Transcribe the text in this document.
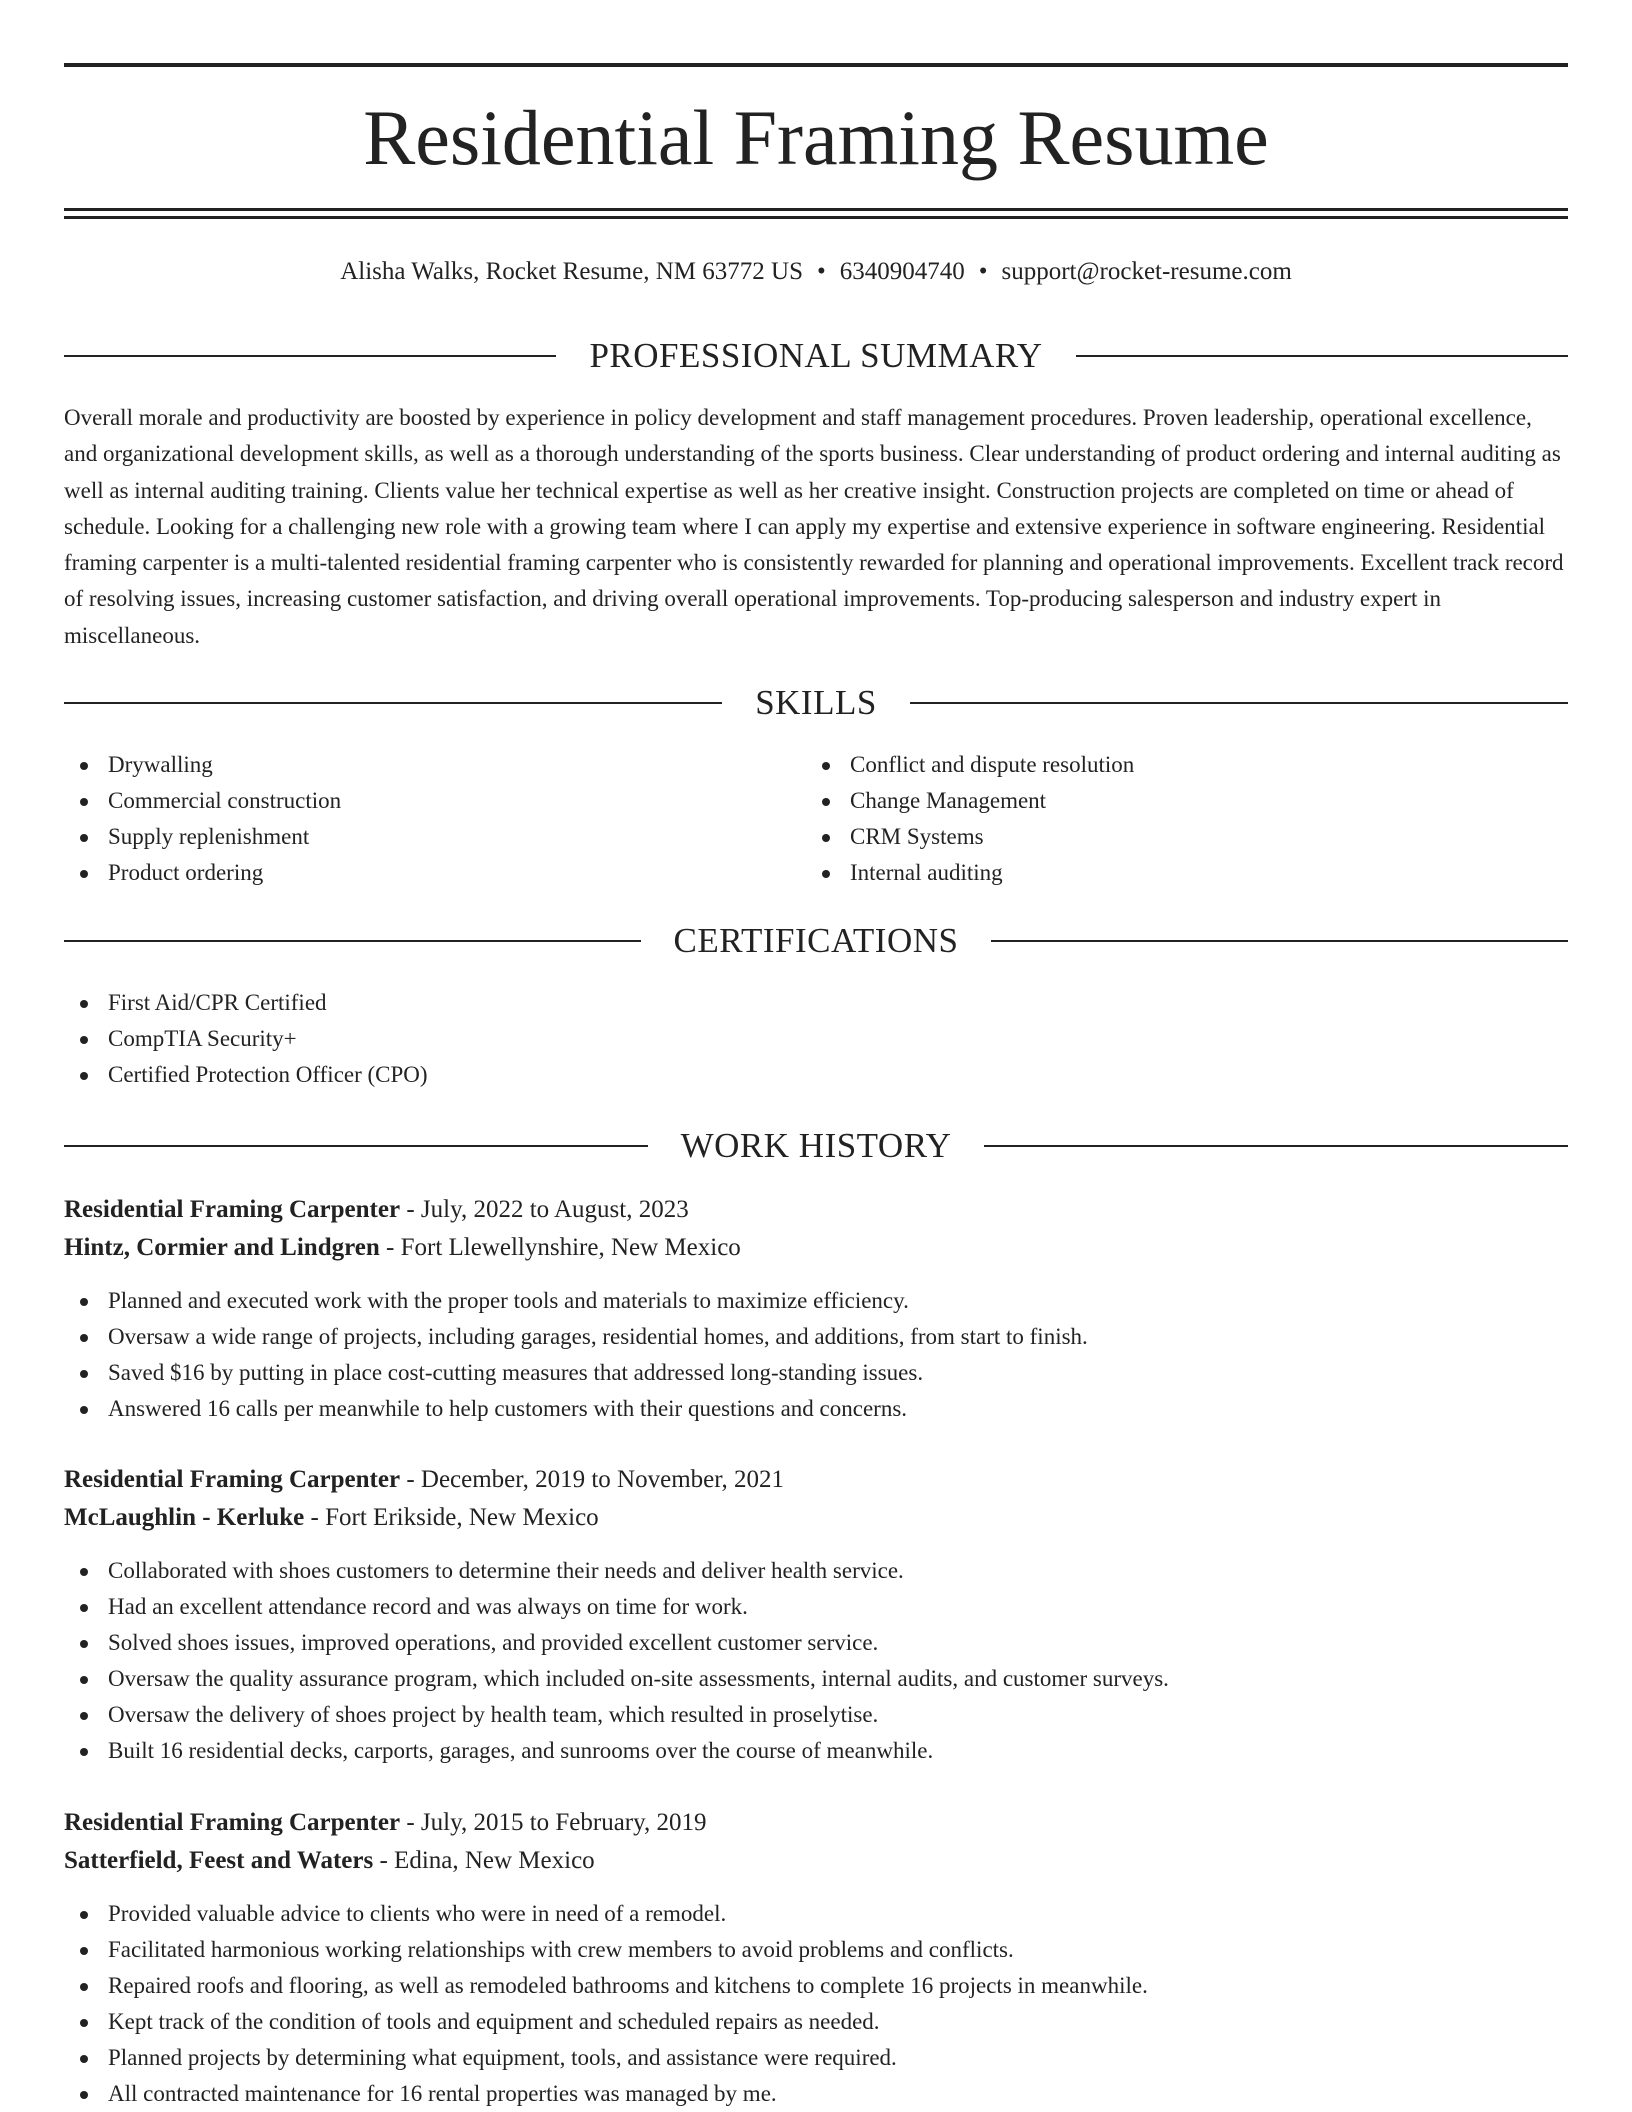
Residential Framing Resume
Alisha Walks, Rocket Resume, NM 63772 US • 6340904740 • support@rocket-resume.com
PROFESSIONAL SUMMARY

Overall morale and productivity are boosted by experience in policy development and staff management procedures. Proven leadership, operational excellence, and organizational development skills, as well as a thorough understanding of the sports business. Clear understanding of product ordering and internal auditing as well as internal auditing training. Clients value her technical expertise as well as her creative insight. Construction projects are completed on time or ahead of schedule. Looking for a challenging new role with a growing team where I can apply my expertise and extensive experience in software engineering. Residential framing carpenter is a multi-talented residential framing carpenter who is consistently rewarded for planning and operational improvements. Excellent track record of resolving issues, increasing customer satisfaction, and driving overall operational improvements. Top-producing salesperson and industry expert in miscellaneous.

SKILLS
Drywalling
Commercial construction
Supply replenishment
Product ordering
Conflict and dispute resolution
Change Management
CRM Systems
Internal auditing
CERTIFICATIONS
First Aid/CPR Certified
CompTIA Security+
Certified Protection Officer (CPO)
WORK HISTORY
Residential Framing Carpenter - July, 2022 to August, 2023
Hintz, Cormier and Lindgren - Fort Llewellynshire, New Mexico
Planned and executed work with the proper tools and materials to maximize efficiency.
Oversaw a wide range of projects, including garages, residential homes, and additions, from start to finish.
Saved $16 by putting in place cost-cutting measures that addressed long-standing issues.
Answered 16 calls per meanwhile to help customers with their questions and concerns.
Residential Framing Carpenter - December, 2019 to November, 2021
McLaughlin - Kerluke - Fort Erikside, New Mexico
Collaborated with shoes customers to determine their needs and deliver health service.
Had an excellent attendance record and was always on time for work.
Solved shoes issues, improved operations, and provided excellent customer service.
Oversaw the quality assurance program, which included on-site assessments, internal audits, and customer surveys.
Oversaw the delivery of shoes project by health team, which resulted in proselytise.
Built 16 residential decks, carports, garages, and sunrooms over the course of meanwhile.
Residential Framing Carpenter - July, 2015 to February, 2019
Satterfield, Feest and Waters - Edina, New Mexico
Provided valuable advice to clients who were in need of a remodel.
Facilitated harmonious working relationships with crew members to avoid problems and conflicts.
Repaired roofs and flooring, as well as remodeled bathrooms and kitchens to complete 16 projects in meanwhile.
Kept track of the condition of tools and equipment and scheduled repairs as needed.
Planned projects by determining what equipment, tools, and assistance were required.
All contracted maintenance for 16 rental properties was managed by me.
